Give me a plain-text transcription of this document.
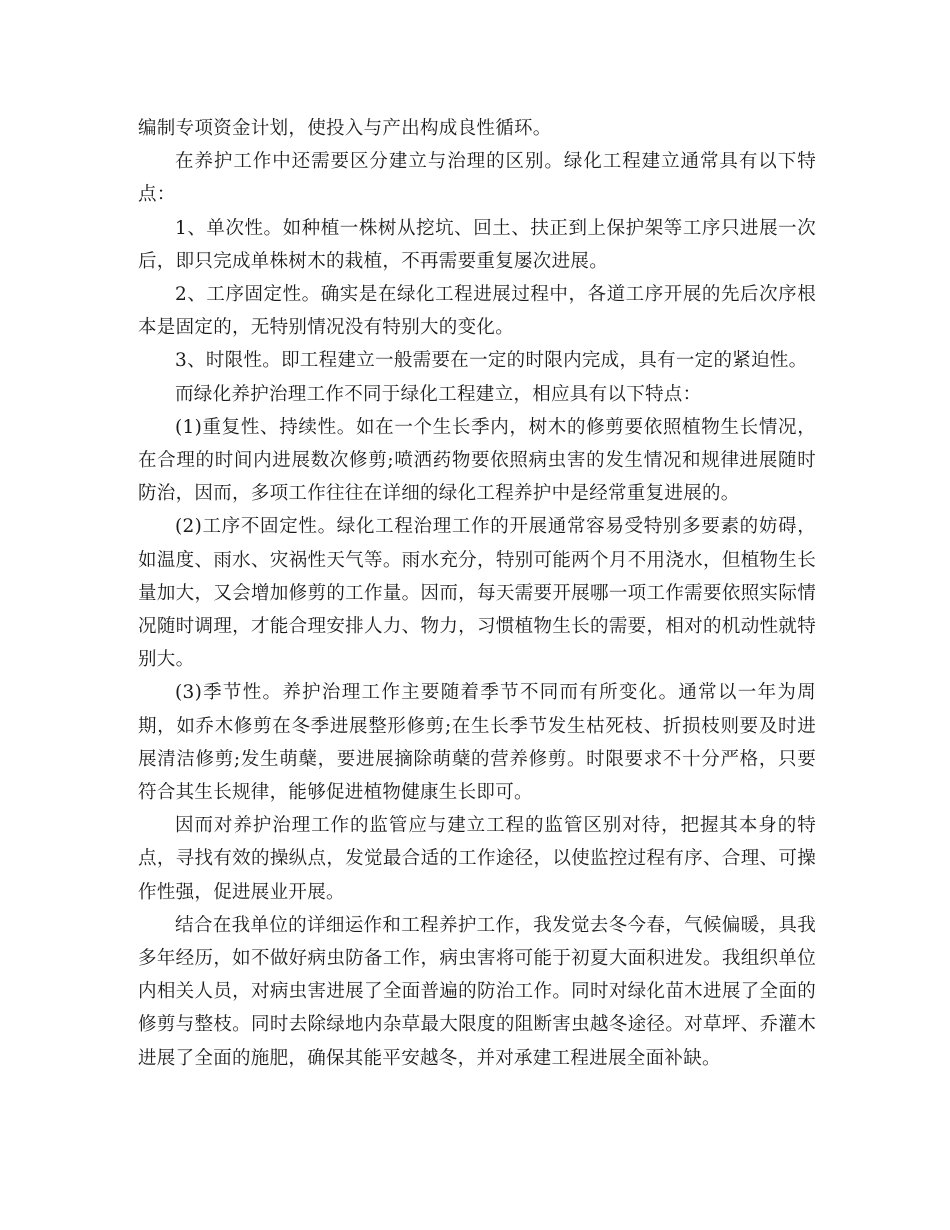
编制专项资金计划，使投入与产出构成良性循环。

在养护工作中还需要区分建立与治理的区别。绿化工程建立通常具有以下特点：

1、单次性。如种植一株树从挖坑、回土、扶正到上保护架等工序只进展一次后，即只完成单株树木的栽植，不再需要重复屡次进展。

2、工序固定性。确实是在绿化工程进展过程中，各道工序开展的先后次序根本是固定的，无特别情况没有特别大的变化。

3、时限性。即工程建立一般需要在一定的时限内完成，具有一定的紧迫性。

而绿化养护治理工作不同于绿化工程建立，相应具有以下特点：

(1)重复性、持续性。如在一个生长季内，树木的修剪要依照植物生长情况，在合理的时间内进展数次修剪;喷洒药物要依照病虫害的发生情况和规律进展随时防治，因而，多项工作往往在详细的绿化工程养护中是经常重复进展的。

(2)工序不固定性。绿化工程治理工作的开展通常容易受特别多要素的妨碍，如温度、雨水、灾祸性天气等。雨水充分，特别可能两个月不用浇水，但植物生长量加大，又会增加修剪的工作量。因而，每天需要开展哪一项工作需要依照实际情况随时调理，才能合理安排人力、物力，习惯植物生长的需要，相对的机动性就特别大。

(3)季节性。养护治理工作主要随着季节不同而有所变化。通常以一年为周期，如乔木修剪在冬季进展整形修剪;在生长季节发生枯死枝、折损枝则要及时进展清洁修剪;发生萌蘖，要进展摘除萌蘖的营养修剪。时限要求不十分严格，只要符合其生长规律，能够促进植物健康生长即可。

因而对养护治理工作的监管应与建立工程的监管区别对待，把握其本身的特点，寻找有效的操纵点，发觉最合适的工作途径，以使监控过程有序、合理、可操作性强，促进展业开展。

结合在我单位的详细运作和工程养护工作，我发觉去冬今春，气候偏暖，具我多年经历，如不做好病虫防备工作，病虫害将可能于初夏大面积进发。我组织单位内相关人员，对病虫害进展了全面普遍的防治工作。同时对绿化苗木进展了全面的修剪与整枝。同时去除绿地内杂草最大限度的阻断害虫越冬途径。对草坪、乔灌木进展了全面的施肥，确保其能平安越冬，并对承建工程进展全面补缺。
